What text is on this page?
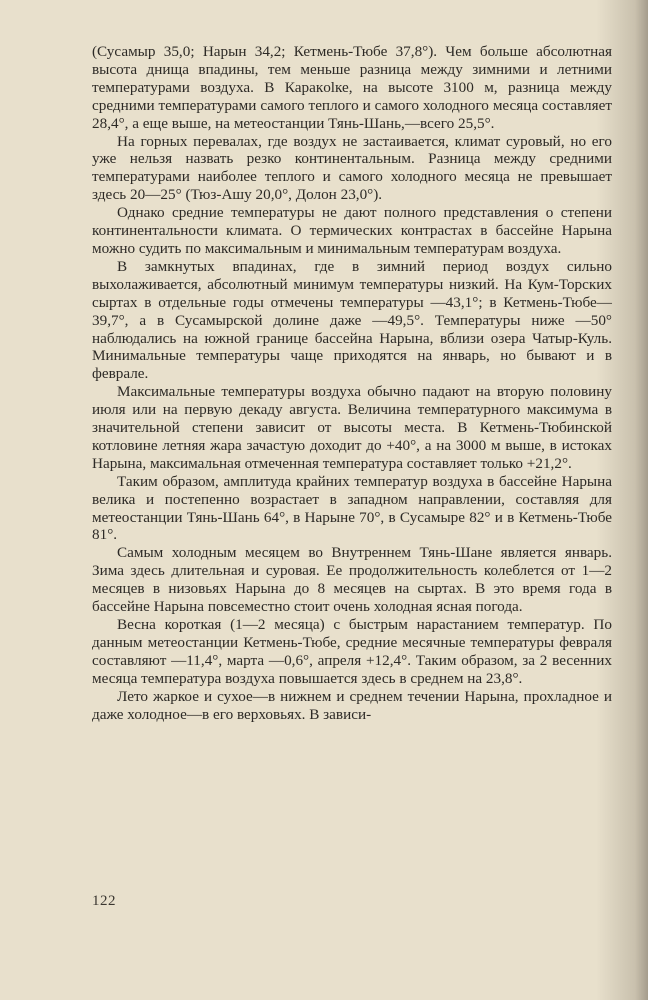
(Сусамыр 35,0; Нарын 34,2; Кетмень-Тюбе 37,8°). Чем больше абсолютная высота днища впадины, тем меньше разница между зимними и летними температурами воздуха. В Каракolке, на высоте 3100 м, разница между средними температурами самого теплого и самого холодного месяца составляет 28,4°, а еще выше, на метеостанции Тянь-Шань,—всего 25,5°.

На горных перевалах, где воздух не застаивается, климат суровый, но его уже нельзя назвать резко континентальным. Разница между средними температурами наиболее теплого и самого холодного месяца не превышает здесь 20—25° (Тюз-Ашу 20,0°, Долон 23,0°).

Однако средние температуры не дают полного представления о степени континентальности климата. О термических контрастах в бассейне Нарына можно судить по максимальным и минимальным температурам воздуха.

В замкнутых впадинах, где в зимний период воздух сильно выхолаживается, абсолютный минимум температуры низкий. На Кум-Торских сыртах в отдельные годы отмечены температуры —43,1°; в Кетмень-Тюбе—39,7°, а в Сусамырской долине даже —49,5°. Температуры ниже —50° наблюдались на южной границе бассейна Нарына, вблизи озера Чатыр-Куль. Минимальные температуры чаще приходятся на январь, но бывают и в феврале.

Максимальные температуры воздуха обычно падают на вторую половину июля или на первую декаду августа. Величина температурного максимума в значительной степени зависит от высоты места. В Кетмень-Тюбинской котловине летняя жара зачастую доходит до +40°, а на 3000 м выше, в истоках Нарына, максимальная отмеченная температура составляет только +21,2°.

Таким образом, амплитуда крайних температур воздуха в бассейне Нарына велика и постепенно возрастает в западном направлении, составляя для метеостанции Тянь-Шань 64°, в Нарыне 70°, в Сусамыре 82° и в Кетмень-Тюбе 81°.

Самым холодным месяцем во Внутреннем Тянь-Шане является январь. Зима здесь длительная и суровая. Ее продолжительность колеблется от 1—2 месяцев в низовьях Нарына до 8 месяцев на сыртах. В это время года в бассейне Нарына повсеместно стоит очень холодная ясная погода.

Весна короткая (1—2 месяца) с быстрым нарастанием температур. По данным метеостанции Кетмень-Тюбе, средние месячные температуры февраля составляют —11,4°, марта —0,6°, апреля +12,4°. Таким образом, за 2 весенних месяца температура воздуха повышается здесь в среднем на 23,8°.

Лето жаркое и сухое—в нижнем и среднем течении Нарына, прохладное и даже холодное—в его верховьях. В зависи-

122
